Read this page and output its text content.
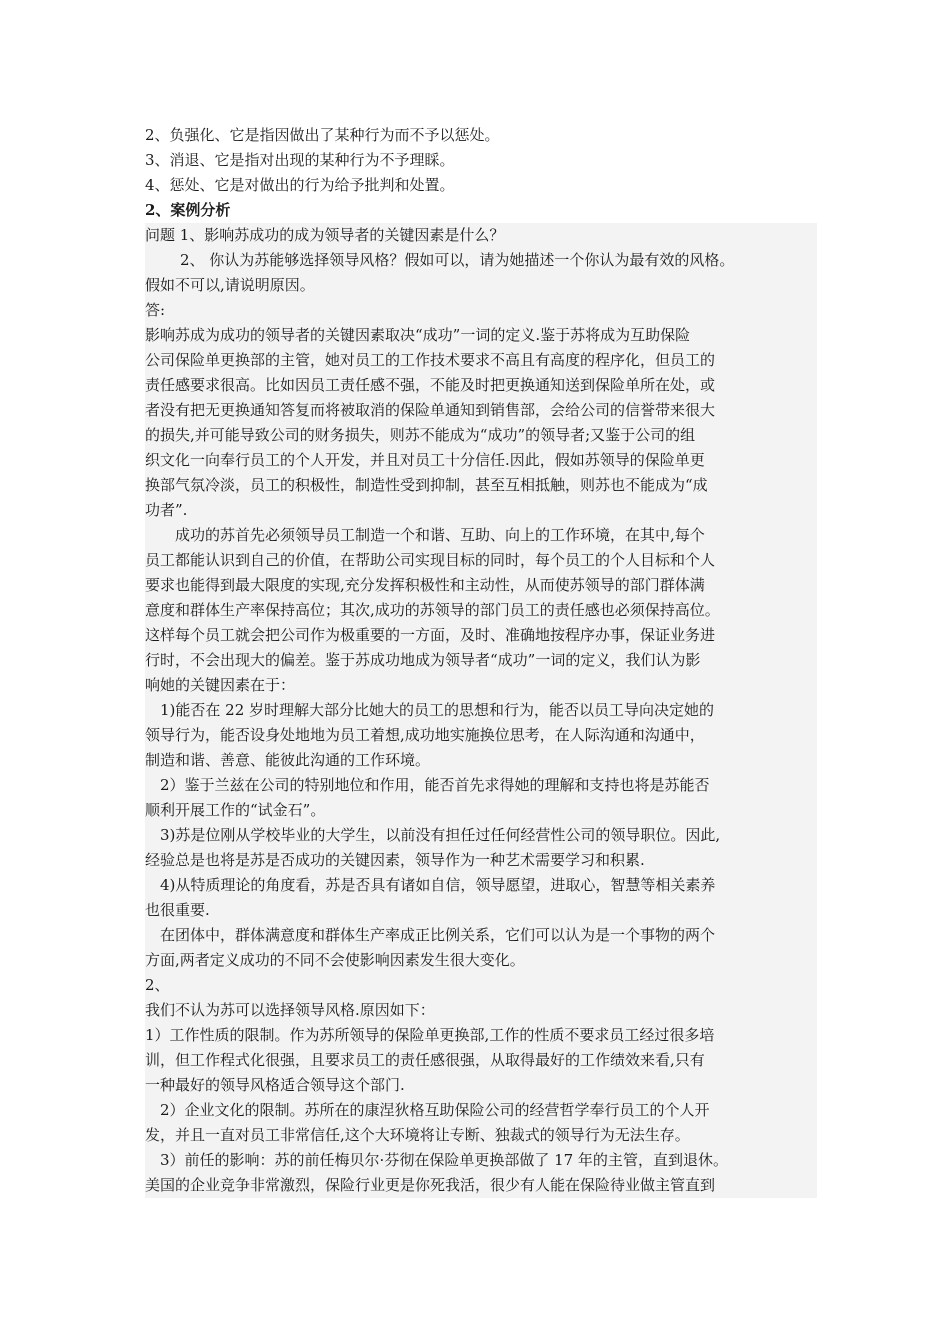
2、负强化、它是指因做出了某种行为而不予以惩处。
3、消退、它是指对出现的某种行为不予理睬。
4、惩处、它是对做出的行为给予批判和处置。
2、案例分析
问题 1、影响苏成功的成为领导者的关键因素是什么？
2、 你认为苏能够选择领导风格？假如可以，请为她描述一个你认为最有效的风格。
假如不可以,请说明原因。
答:
影响苏成为成功的领导者的关键因素取决“成功”一词的定义.鉴于苏将成为互助保险
公司保险单更换部的主管，她对员工的工作技术要求不高且有高度的程序化，但员工的
责任感要求很高。比如因员工责任感不强，不能及时把更换通知送到保险单所在处，或
者没有把无更换通知答复而将被取消的保险单通知到销售部，会给公司的信誉带来很大
的损失,并可能导致公司的财务损失，则苏不能成为“成功”的领导者;又鉴于公司的组
织文化一向奉行员工的个人开发，并且对员工十分信任.因此，假如苏领导的保险单更
换部气氛冷淡，员工的积极性，制造性受到抑制，甚至互相抵触，则苏也不能成为“成
功者”.
成功的苏首先必须领导员工制造一个和谐、互助、向上的工作环境，在其中,每个
员工都能认识到自己的价值，在帮助公司实现目标的同时，每个员工的个人目标和个人
要求也能得到最大限度的实现,充分发挥积极性和主动性，从而使苏领导的部门群体满
意度和群体生产率保持高位；其次,成功的苏领导的部门员工的责任感也必须保持高位。
这样每个员工就会把公司作为极重要的一方面，及时、准确地按程序办事，保证业务进
行时，不会出现大的偏差。鉴于苏成功地成为领导者“成功”一词的定义，我们认为影
响她的关键因素在于：
1)能否在 22 岁时理解大部分比她大的员工的思想和行为，能否以员工导向决定她的
领导行为，能否设身处地地为员工着想,成功地实施换位思考，在人际沟通和沟通中，
制造和谐、善意、能彼此沟通的工作环境。
2）鉴于兰兹在公司的特别地位和作用，能否首先求得她的理解和支持也将是苏能否
顺利开展工作的“试金石”。
3)苏是位刚从学校毕业的大学生，以前没有担任过任何经营性公司的领导职位。因此,
经验总是也将是苏是否成功的关键因素，领导作为一种艺术需要学习和积累.
4)从特质理论的角度看，苏是否具有诸如自信，领导愿望，进取心，智慧等相关素养
也很重要.
在团体中，群体满意度和群体生产率成正比例关系，它们可以认为是一个事物的两个
方面,两者定义成功的不同不会使影响因素发生很大变化。
2、
我们不认为苏可以选择领导风格.原因如下：
1）工作性质的限制。作为苏所领导的保险单更换部,工作的性质不要求员工经过很多培
训，但工作程式化很强，且要求员工的责任感很强，从取得最好的工作绩效来看,只有
一种最好的领导风格适合领导这个部门.
2）企业文化的限制。苏所在的康涅狄格互助保险公司的经营哲学奉行员工的个人开
发，并且一直对员工非常信任,这个大环境将让专断、独裁式的领导行为无法生存。
3）前任的影响：苏的前任梅贝尔·芬彻在保险单更换部做了 17 年的主管，直到退休。
美国的企业竞争非常激烈，保险行业更是你死我活，很少有人能在保险待业做主管直到
